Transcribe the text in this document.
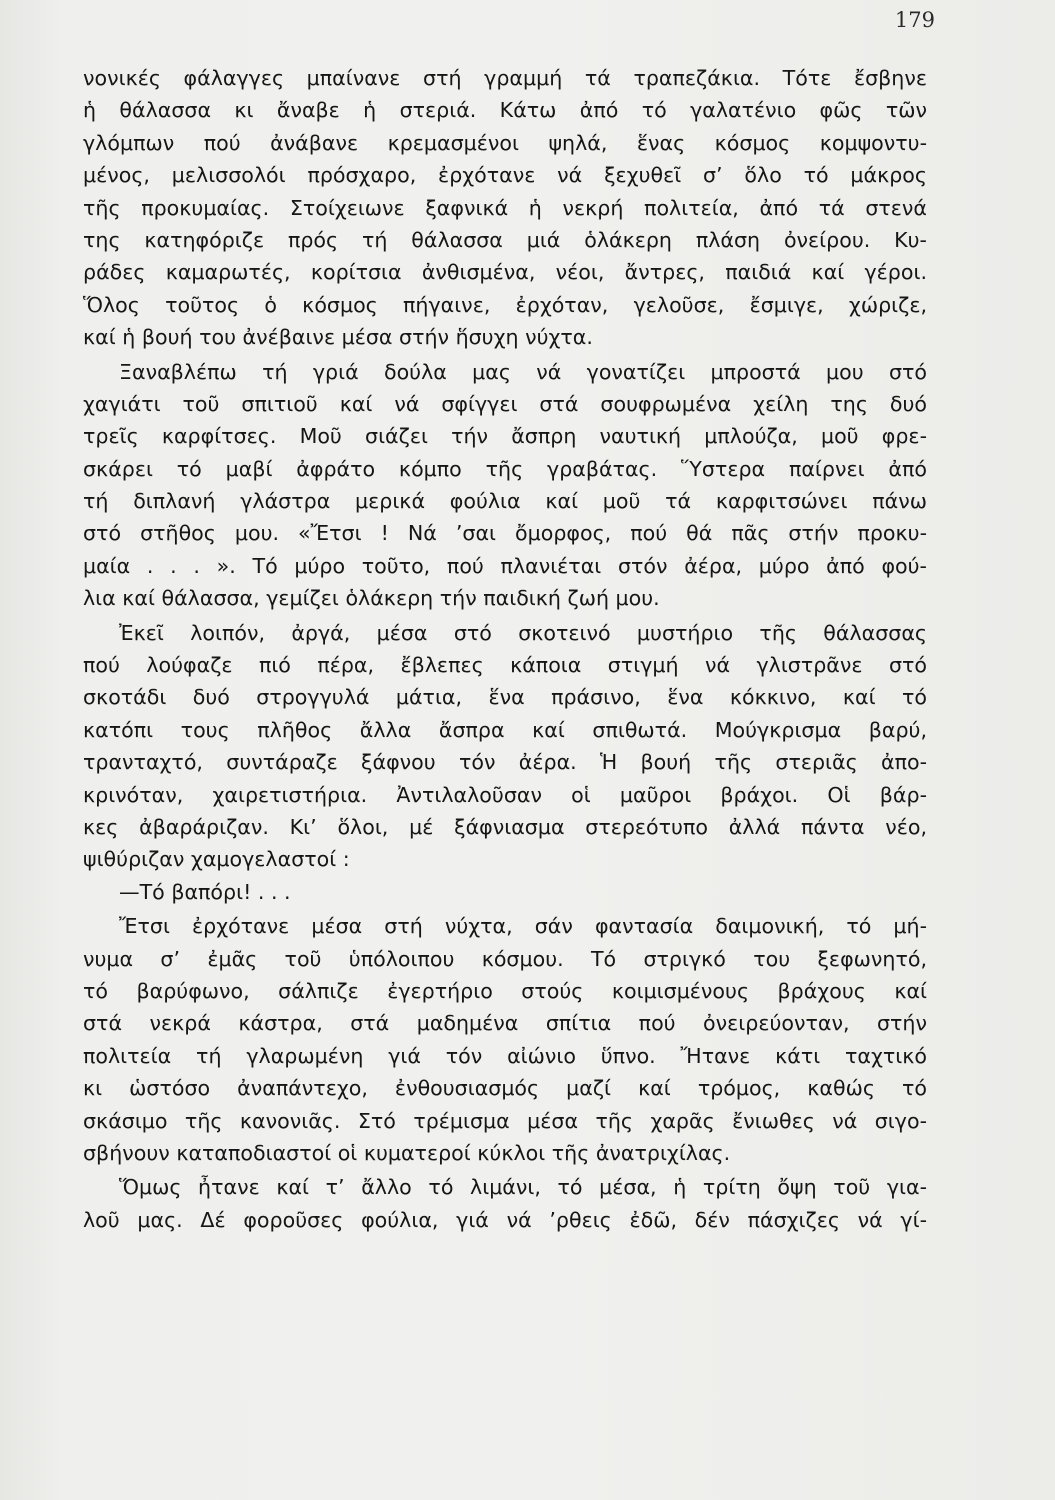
179
νονικές φάλαγγες μπαίνανε στή γραμμή τά τραπεζάκια. Τότε ἔσβηνε
ἡ θάλασσα κι ἄναβε ἡ στεριά. Κάτω ἀπό τό γαλατένιο φῶς τῶν
γλόμπων πού ἀνάβανε κρεμασμένοι ψηλά, ἕνας κόσμος κομψοντυ-
μένος, μελισσολόι πρόσχαρο, ἐρχότανε νά ξεχυθεῖ σ’ ὅλο τό μάκρος
τῆς προκυμαίας. Στοίχειωνε ξαφνικά ἡ νεκρή πολιτεία, ἀπό τά στενά
της κατηφόριζε πρός τή θάλασσα μιά ὁλάκερη πλάση ὀνείρου. Κυ-
ράδες καμαρωτές, κορίτσια ἀνθισμένα, νέοι, ἄντρες, παιδιά καί γέροι.
Ὅλος τοῦτος ὁ κόσμος πήγαινε, ἐρχόταν, γελοῦσε, ἔσμιγε, χώριζε,
καί ἡ βουή του ἀνέβαινε μέσα στήν ἥσυχη νύχτα.
Ξαναβλέπω τή γριά δούλα μας νά γονατίζει μπροστά μου στό
χαγιάτι τοῦ σπιτιοῦ καί νά σφίγγει στά σουφρωμένα χείλη της δυό
τρεῖς καρφίτσες. Μοῦ σιάζει τήν ἄσπρη ναυτική μπλούζα, μοῦ φρε-
σκάρει τό μαβί ἀφράτο κόμπο τῆς γραβάτας. Ὕστερα παίρνει ἀπό
τή διπλανή γλάστρα μερικά φούλια καί μοῦ τά καρφιτσώνει πάνω
στό στῆθος μου. «Ἔτσι ! Νά ’σαι ὄμορφος, πού θά πᾶς στήν προκυ-
μαία . . . ». Τό μύρο τοῦτο, πού πλανιέται στόν ἀέρα, μύρο ἀπό φού-
λια καί θάλασσα, γεμίζει ὁλάκερη τήν παιδική ζωή μου.
Ἐκεῖ λοιπόν, ἀργά, μέσα στό σκοτεινό μυστήριο τῆς θάλασσας
πού λούφαζε πιό πέρα, ἔβλεπες κάποια στιγμή νά γλιστρᾶνε στό
σκοτάδι δυό στρογγυλά μάτια, ἕνα πράσινο, ἕνα κόκκινο, καί τό
κατόπι τους πλῆθος ἄλλα ἄσπρα καί σπιθωτά. Μούγκρισμα βαρύ,
τρανταχτό, συντάραζε ξάφνου τόν ἀέρα. Ἡ βουή τῆς στεριᾶς ἀπο-
κρινόταν, χαιρετιστήρια. Ἀντιλαλοῦσαν οἱ μαῦροι βράχοι. Οἱ βάρ-
κες ἀβαράριζαν. Κι’ ὅλοι, μέ ξάφνιασμα στερεότυπο ἀλλά πάντα νέο,
ψιθύριζαν χαμογελαστοί :
—Τό βαπόρι! . . .
Ἔτσι ἐρχότανε μέσα στή νύχτα, σάν φαντασία δαιμονική, τό μή-
νυμα σ’ ἐμᾶς τοῦ ὑπόλοιπου κόσμου. Τό στριγκό του ξεφωνητό,
τό βαρύφωνο, σάλπιζε ἐγερτήριο στούς κοιμισμένους βράχους καί
στά νεκρά κάστρα, στά μαδημένα σπίτια πού ὀνειρεύονταν, στήν
πολιτεία τή γλαρωμένη γιά τόν αἰώνιο ὕπνο. Ἤτανε κάτι ταχτικό
κι ὡστόσο ἀναπάντεχο, ἐνθουσιασμός μαζί καί τρόμος, καθώς τό
σκάσιμο τῆς κανονιᾶς. Στό τρέμισμα μέσα τῆς χαρᾶς ἔνιωθες νά σιγο-
σβήνουν καταποδιαστοί οἱ κυματεροί κύκλοι τῆς ἀνατριχίλας.
Ὅμως ἦτανε καί τ’ ἄλλο τό λιμάνι, τό μέσα, ἡ τρίτη ὄψη τοῦ για-
λοῦ μας. Δέ φοροῦσες φούλια, γιά νά ’ρθεις ἐδῶ, δέν πάσχιζες νά γί-
